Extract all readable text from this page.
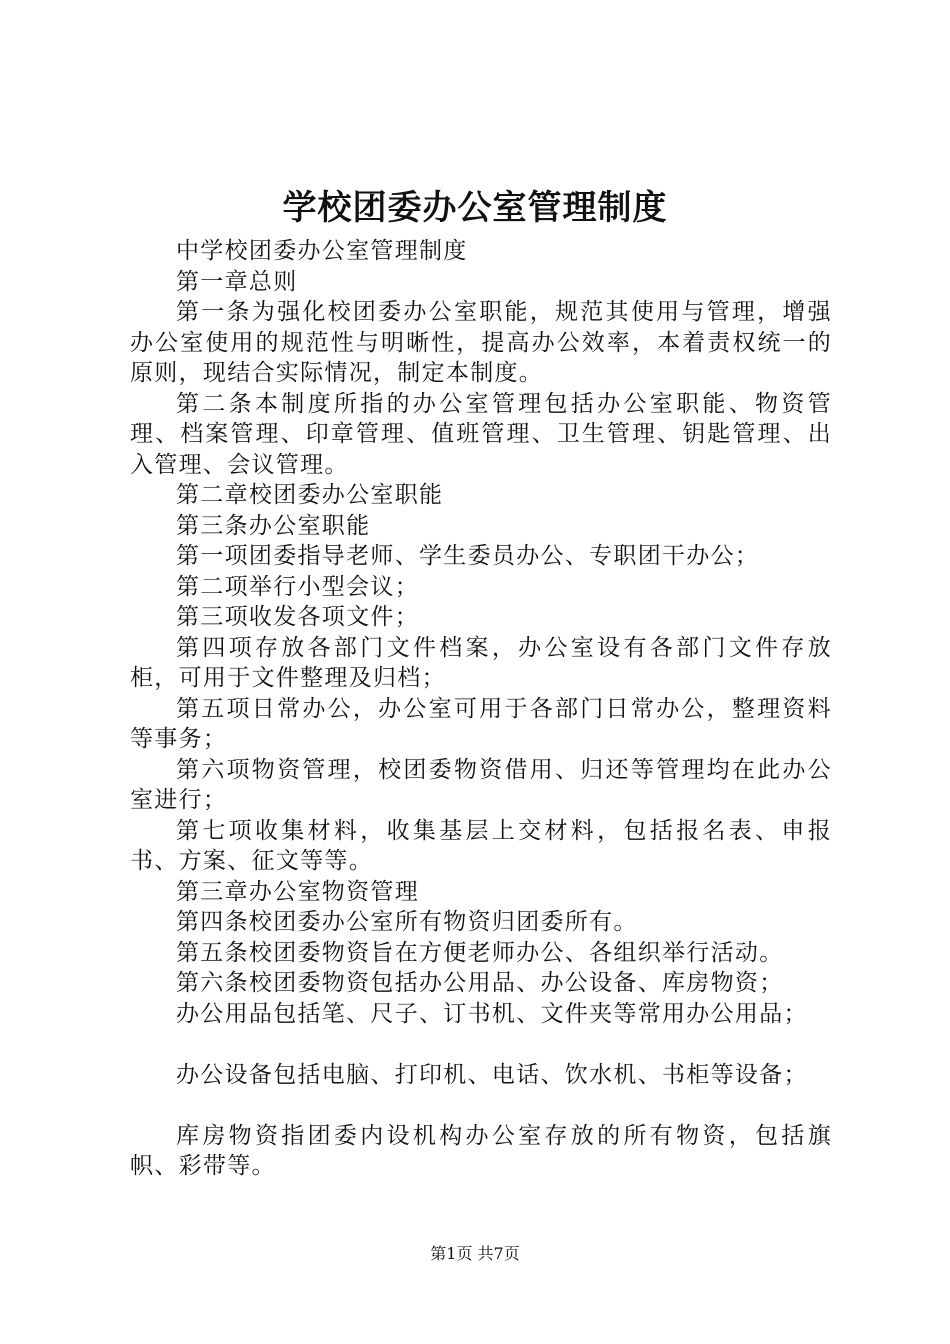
学校团委办公室管理制度

中学校团委办公室管理制度

第一章总则

第一条为强化校团委办公室职能，规范其使用与管理，增强办公室使用的规范性与明晰性，提高办公效率，本着责权统一的原则，现结合实际情况，制定本制度。

第二条本制度所指的办公室管理包括办公室职能、物资管理、档案管理、印章管理、值班管理、卫生管理、钥匙管理、出入管理、会议管理。

第二章校团委办公室职能

第三条办公室职能

第一项团委指导老师、学生委员办公、专职团干办公；

第二项举行小型会议；

第三项收发各项文件；

第四项存放各部门文件档案，办公室设有各部门文件存放柜，可用于文件整理及归档；

第五项日常办公，办公室可用于各部门日常办公，整理资料等事务；

第六项物资管理，校团委物资借用、归还等管理均在此办公室进行；

第七项收集材料，收集基层上交材料，包括报名表、申报书、方案、征文等等。

第三章办公室物资管理

第四条校团委办公室所有物资归团委所有。

第五条校团委物资旨在方便老师办公、各组织举行活动。

第六条校团委物资包括办公用品、办公设备、库房物资；

办公用品包括笔、尺子、订书机、文件夹等常用办公用品；

办公设备包括电脑、打印机、电话、饮水机、书柜等设备；

库房物资指团委内设机构办公室存放的所有物资，包括旗帜、彩带等。

第1页 共7页
